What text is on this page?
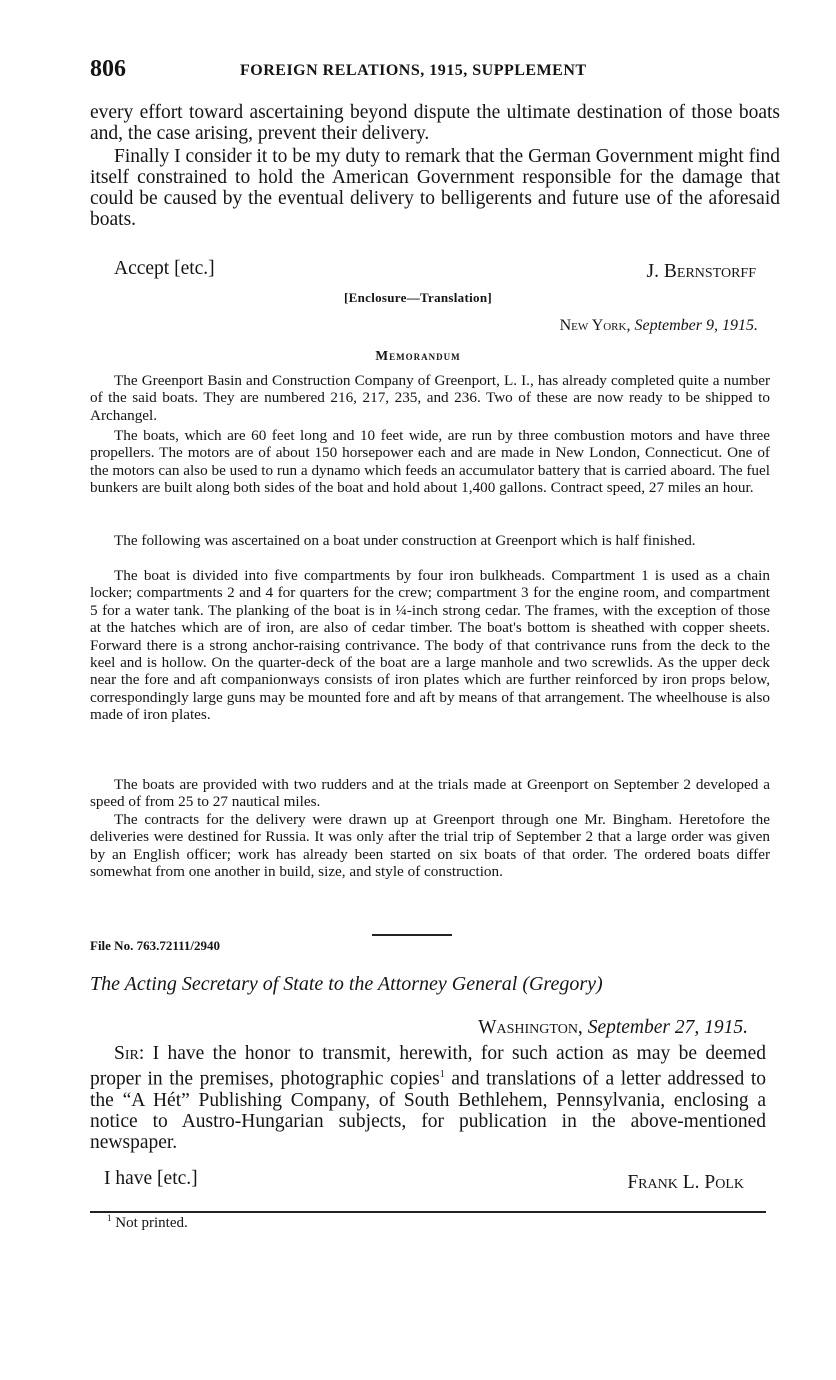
806	FOREIGN RELATIONS, 1915, SUPPLEMENT

every effort toward ascertaining beyond dispute the ultimate destination of those boats and, the case arising, prevent their delivery.

Finally I consider it to be my duty to remark that the German Government might find itself constrained to hold the American Government responsible for the damage that could be caused by the eventual delivery to belligerents and future use of the aforesaid boats.

Accept [etc.]	J. Bernstorff
[Enclosure—Translation]
New York, September 9, 1915.
Memorandum

The Greenport Basin and Construction Company of Greenport, L. I., has already completed quite a number of the said boats. They are numbered 216, 217, 235, and 236. Two of these are now ready to be shipped to Archangel.

The boats, which are 60 feet long and 10 feet wide, are run by three combustion motors and have three propellers. The motors are of about 150 horsepower each and are made in New London, Connecticut. One of the motors can also be used to run a dynamo which feeds an accumulator battery that is carried aboard. The fuel bunkers are built along both sides of the boat and hold about 1,400 gallons. Contract speed, 27 miles an hour.

The following was ascertained on a boat under construction at Greenport which is half finished.

The boat is divided into five compartments by four iron bulkheads. Compartment 1 is used as a chain locker; compartments 2 and 4 for quarters for the crew; compartment 3 for the engine room, and compartment 5 for a water tank. The planking of the boat is in ¼-inch strong cedar. The frames, with the exception of those at the hatches which are of iron, are also of cedar timber. The boat's bottom is sheathed with copper sheets. Forward there is a strong anchor-raising contrivance. The body of that contrivance runs from the deck to the keel and is hollow. On the quarter-deck of the boat are a large manhole and two screwlids. As the upper deck near the fore and aft companionways consists of iron plates which are further reinforced by iron props below, correspondingly large guns may be mounted fore and aft by means of that arrangement. The wheelhouse is also made of iron plates.

The boats are provided with two rudders and at the trials made at Greenport on September 2 developed a speed of from 25 to 27 nautical miles.

The contracts for the delivery were drawn up at Greenport through one Mr. Bingham. Heretofore the deliveries were destined for Russia. It was only after the trial trip of September 2 that a large order was given by an English officer; work has already been started on six boats of that order. The ordered boats differ somewhat from one another in build, size, and style of construction.

File No. 763.72111/2940
The Acting Secretary of State to the Attorney General (Gregory)
Washington, September 27, 1915.

Sir: I have the honor to transmit, herewith, for such action as may be deemed proper in the premises, photographic copies$^1$ and translations of a letter addressed to the “A Hét” Publishing Company, of South Bethlehem, Pennsylvania, enclosing a notice to Austro-Hungarian subjects, for publication in the above-mentioned newspaper.

I have [etc.]	Frank L. Polk
$^1$ Not printed.
